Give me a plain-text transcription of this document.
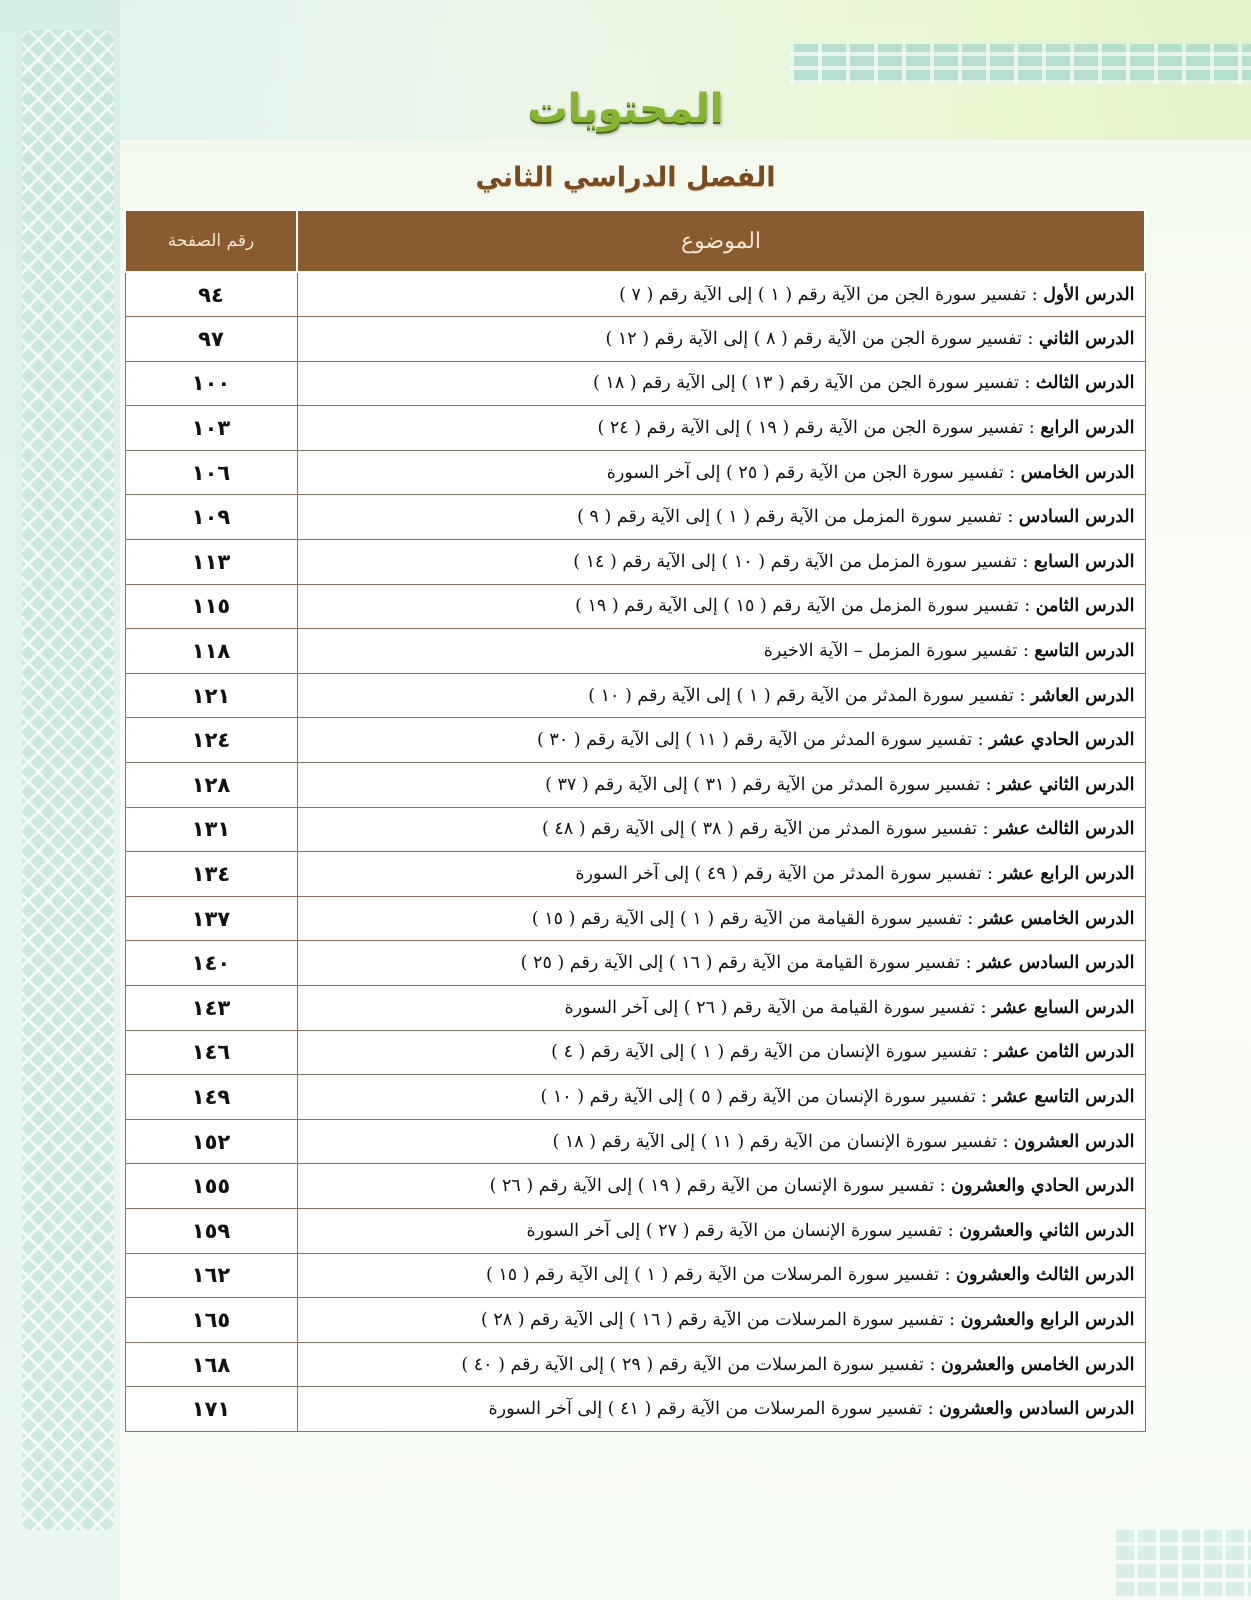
المحتويات
الفصل الدراسي الثاني
الموضوع	رقم الصفحة
الدرس الأول : تفسير سورة الجن من الآية رقم ( ١ ) إلى الآية رقم ( ٧ )	٩٤
الدرس الثاني : تفسير سورة الجن من الآية رقم ( ٨ ) إلى الآية رقم ( ١٢ )	٩٧
الدرس الثالث : تفسير سورة الجن من الآية رقم ( ١٣ ) إلى الآية رقم ( ١٨ )	١٠٠
الدرس الرابع : تفسير سورة الجن من الآية رقم ( ١٩ ) إلى الآية رقم ( ٢٤ )	١٠٣
الدرس الخامس : تفسير سورة الجن من الآية رقم ( ٢٥ ) إلى آخر السورة	١٠٦
الدرس السادس : تفسير سورة المزمل من الآية رقم ( ١ ) إلى الآية رقم ( ٩ )	١٠٩
الدرس السابع : تفسير سورة المزمل من الآية رقم ( ١٠ ) إلى الآية رقم ( ١٤ )	١١٣
الدرس الثامن : تفسير سورة المزمل من الآية رقم ( ١٥ ) إلى الآية رقم ( ١٩ )	١١٥
الدرس التاسع : تفسير سورة المزمل – الآية الاخيرة	١١٨
الدرس العاشر : تفسير سورة المدثر من الآية رقم ( ١ ) إلى الآية رقم ( ١٠ )	١٢١
الدرس الحادي عشر : تفسير سورة المدثر من الآية رقم ( ١١ ) إلى الآية رقم ( ٣٠ )	١٢٤
الدرس الثاني عشر : تفسير سورة المدثر من الآية رقم ( ٣١ ) إلى الآية رقم ( ٣٧ )	١٢٨
الدرس الثالث عشر : تفسير سورة المدثر من الآية رقم ( ٣٨ ) إلى الآية رقم ( ٤٨ )	١٣١
الدرس الرابع عشر : تفسير سورة المدثر من الآية رقم ( ٤٩ ) إلى آخر السورة	١٣٤
الدرس الخامس عشر : تفسير سورة القيامة من الآية رقم ( ١ ) إلى الآية رقم ( ١٥ )	١٣٧
الدرس السادس عشر : تفسير سورة القيامة من الآية رقم ( ١٦ ) إلى الآية رقم ( ٢٥ )	١٤٠
الدرس السابع عشر : تفسير سورة القيامة من الآية رقم ( ٢٦ ) إلى آخر السورة	١٤٣
الدرس الثامن عشر : تفسير سورة الإنسان من الآية رقم ( ١ ) إلى الآية رقم ( ٤ )	١٤٦
الدرس التاسع عشر : تفسير سورة الإنسان من الآية رقم ( ٥ ) إلى الآية رقم ( ١٠ )	١٤٩
الدرس العشرون : تفسير سورة الإنسان من الآية رقم ( ١١ ) إلى الآية رقم ( ١٨ )	١٥٢
الدرس الحادي والعشرون : تفسير سورة الإنسان من الآية رقم ( ١٩ ) إلى الآية رقم ( ٢٦ )	١٥٥
الدرس الثاني والعشرون : تفسير سورة الإنسان من الآية رقم ( ٢٧ ) إلى آخر السورة	١٥٩
الدرس الثالث والعشرون : تفسير سورة المرسلات من الآية رقم ( ١ ) إلى الآية رقم ( ١٥ )	١٦٢
الدرس الرابع والعشرون : تفسير سورة المرسلات من الآية رقم ( ١٦ ) إلى الآية رقم ( ٢٨ )	١٦٥
الدرس الخامس والعشرون : تفسير سورة المرسلات من الآية رقم ( ٢٩ ) إلى الآية رقم ( ٤٠ )	١٦٨
الدرس السادس والعشرون : تفسير سورة المرسلات من الآية رقم ( ٤١ ) إلى آخر السورة	١٧١
